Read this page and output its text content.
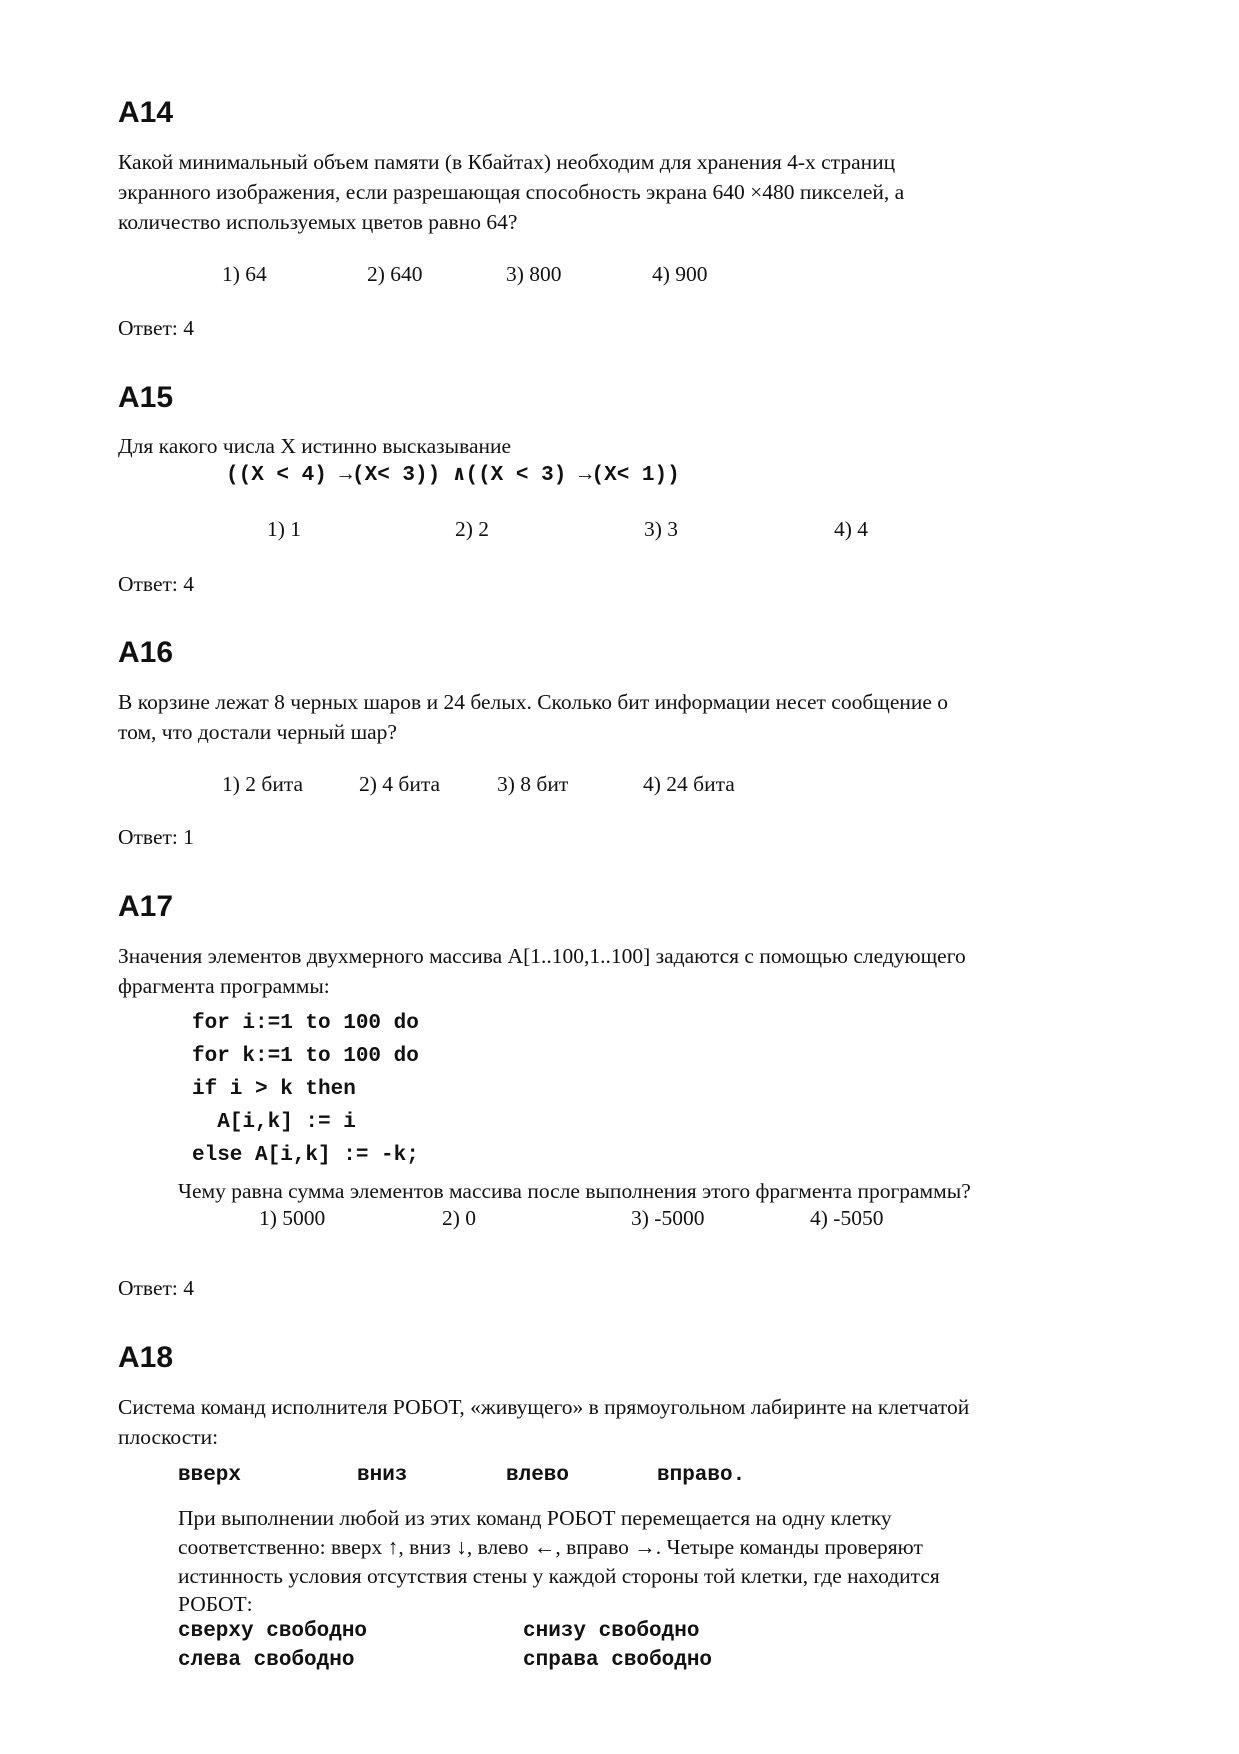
A14

Какой минимальный объем памяти (в Кбайтах) необходим для хранения 4-х страниц

экранного изображения, если разрешающая способность экрана 640 ×480 пикселей, а

количество используемых цветов равно 64?

1) 64	2) 640	3) 800	4) 900

Ответ: 4

A15

Для какого числа X истинно высказывание

((X < 4) →(X< 3)) ∧((X < 3) →(X< 1))

1) 1	2) 2	3) 3	4) 4

Ответ: 4

A16

В корзине лежат 8 черных шаров и 24 белых. Сколько бит информации несет сообщение о

том, что достали черный шар?

1) 2 бита	2) 4 бита	3) 8 бит	4) 24 бита

Ответ: 1

A17

Значения элементов двухмерного массива A[1..100,1..100] задаются с помощью следующего

фрагмента программы:

for i:=1 to 100 do

for k:=1 to 100 do

if i > k then

A[i,k] := i

else A[i,k] := -k;

Чему равна сумма элементов массива после выполнения этого фрагмента программы?

1) 5000	2) 0	3) -5000	4) -5050

Ответ: 4

A18

Система команд исполнителя РОБОТ, «живущего» в прямоугольном лабиринте на клетчатой

плоскости:

вверх	вниз	влево	вправо.

При выполнении любой из этих команд РОБОТ перемещается на одну клетку

соответственно: вверх ↑, вниз ↓, влево ←, вправо →. Четыре команды проверяют

истинность условия отсутствия стены у каждой стороны той клетки, где находится

РОБОТ:

сверху свободно	снизу свободно
слева свободно	справа свободно
